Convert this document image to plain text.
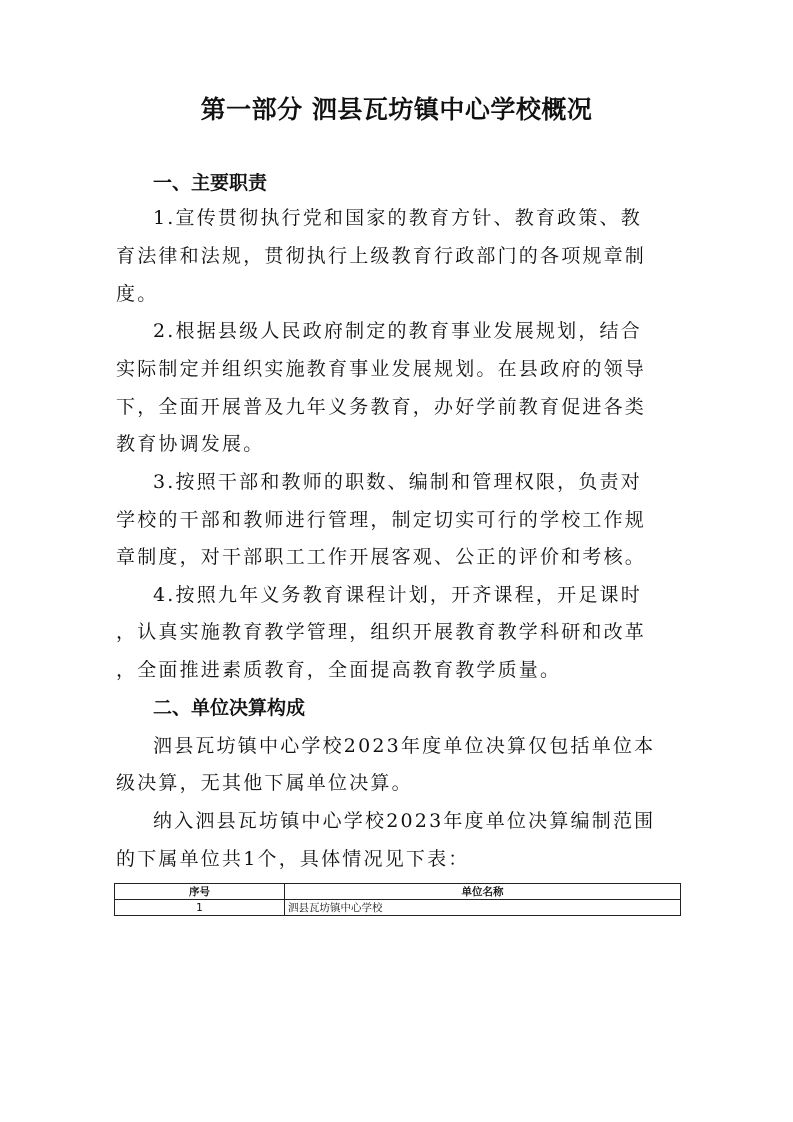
第一部分 泗县瓦坊镇中心学校概况
一、主要职责
1.宣传贯彻执行党和国家的教育方针、教育政策、教
育法律和法规，贯彻执行上级教育行政部门的各项规章制
度。
2.根据县级人民政府制定的教育事业发展规划，结合
实际制定并组织实施教育事业发展规划。在县政府的领导
下，全面开展普及九年义务教育，办好学前教育促进各类
教育协调发展。
3.按照干部和教师的职数、编制和管理权限，负责对
学校的干部和教师进行管理，制定切实可行的学校工作规
章制度，对干部职工工作开展客观、公正的评价和考核。
4.按照九年义务教育课程计划，开齐课程，开足课时
，认真实施教育教学管理，组织开展教育教学科研和改革
，全面推进素质教育，全面提高教育教学质量。
二、单位决算构成
泗县瓦坊镇中心学校2023年度单位决算仅包括单位本
级决算，无其他下属单位决算。
纳入泗县瓦坊镇中心学校2023年度单位决算编制范围
的下属单位共1个，具体情况见下表：
序号	单位名称
1	泗县瓦坊镇中心学校
